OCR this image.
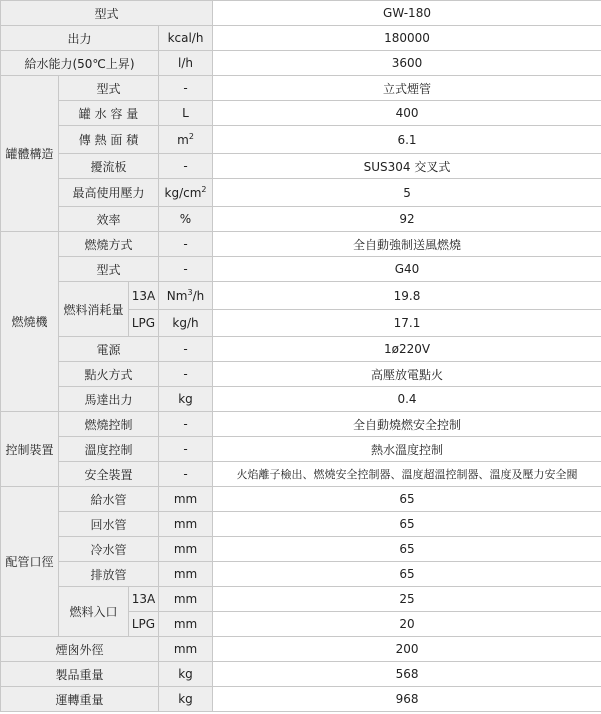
型式				GW-180
出力			kcal/h	180000
給水能力(50℃上昇)			l/h	3600
罐體構造	型式		-	立式煙管
	罐 水 容 量		L	400
	傳 熱 面 積		$m^2$	6.1
	擾流板		-	SUS304 交叉式
	最高使用壓力		$kg/cm^2$	5
	效率		%	92
燃燒機	燃燒方式		-	全自動強制送風燃燒
	型式		-	G40
	燃料消耗量	13A	Nm$^3$/h	19.8
		LPG	kg/h	17.1
	電源		-	1ø220V
	點火方式		-	高壓放電點火
	馬達出力		kg	0.4
控制裝置	燃燒控制		-	全自動燒燃安全控制
	溫度控制		-	熱水溫度控制
	安全裝置		-	火焰離子檢出、燃燒安全控制器、溫度超溫控制器、溫度及壓力安全閥
配管口徑	給水管		mm	65
	回水管		mm	65
	冷水管		mm	65
	排放管		mm	65
	燃料入口	13A	mm	25
		LPG	mm	20
煙囪外徑			mm	200
製品重量			kg	568
運轉重量			kg	968
